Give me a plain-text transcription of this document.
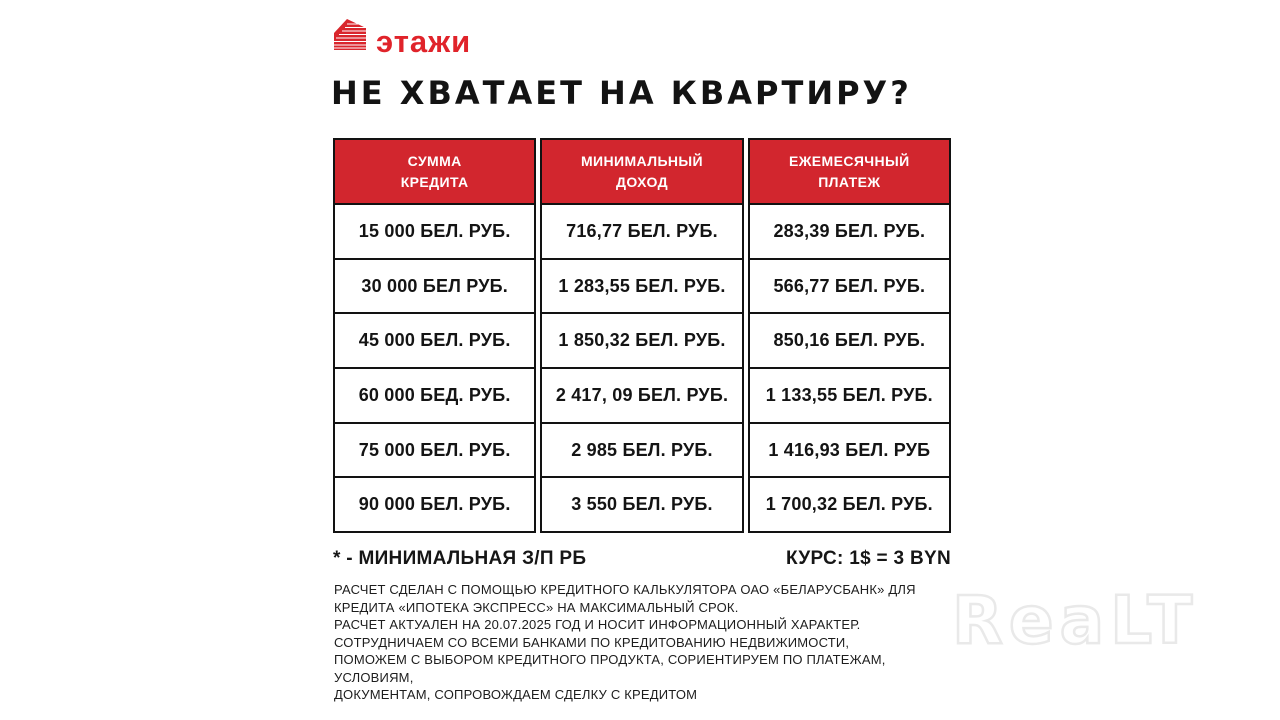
этажи
НЕ ХВАТАЕТ НА КВАРТИРУ?
СУММА КРЕДИТА
15 000 БЕЛ. РУБ.
30 000 БЕЛ РУБ.
45 000 БЕЛ. РУБ.
60 000 БЕД. РУБ.
75 000 БЕЛ. РУБ.
90 000 БЕЛ. РУБ.
МИНИМАЛЬНЫЙ ДОХОД
716,77 БЕЛ. РУБ.
1 283,55 БЕЛ. РУБ.
1 850,32 БЕЛ. РУБ.
2 417, 09 БЕЛ. РУБ.
2 985 БЕЛ. РУБ.
3 550 БЕЛ. РУБ.
ЕЖЕМЕСЯЧНЫЙ ПЛАТЕЖ
283,39 БЕЛ. РУБ.
566,77 БЕЛ. РУБ.
850,16 БЕЛ. РУБ.
1 133,55 БЕЛ. РУБ.
1 416,93 БЕЛ. РУБ
1 700,32 БЕЛ. РУБ.
* - МИНИМАЛЬНАЯ З/П РБ	КУРС: 1$ = 3 BYN
РАСЧЕТ СДЕЛАН С ПОМОЩЬЮ КРЕДИТНОГО КАЛЬКУЛЯТОРА ОАО «БЕЛАРУСБАНК» ДЛЯ
КРЕДИТА «ИПОТЕКА ЭКСПРЕСС» НА МАКСИМАЛЬНЫЙ СРОК.
РАСЧЕТ АКТУАЛЕН НА 20.07.2025 ГОД И НОСИТ ИНФОРМАЦИОННЫЙ ХАРАКТЕР.
СОТРУДНИЧАЕМ СО ВСЕМИ БАНКАМИ ПО КРЕДИТОВАНИЮ НЕДВИЖИМОСТИ,
ПОМОЖЕМ С ВЫБОРОМ КРЕДИТНОГО ПРОДУКТА, СОРИЕНТИРУЕМ ПО ПЛАТЕЖАМ,
УСЛОВИЯМ,
ДОКУМЕНТАМ, СОПРОВОЖДАЕМ СДЕЛКУ С КРЕДИТОМ
ReaLT
